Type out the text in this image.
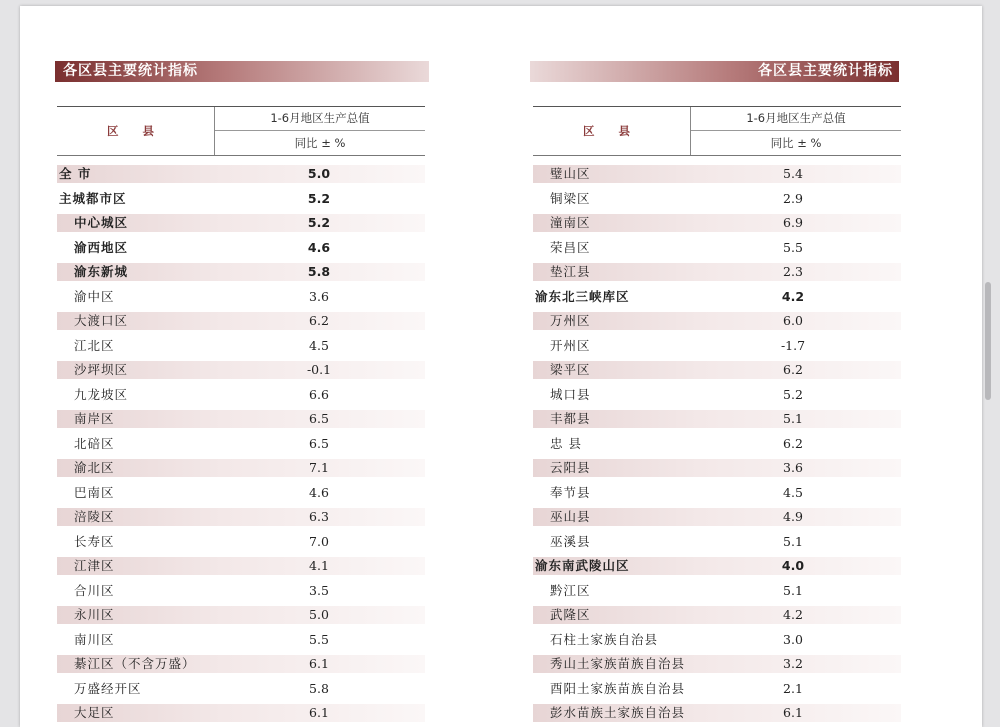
各区县主要统计指标	各区县主要统计指标
区 县
1-6月地区生产总值
同比 ± %
全 市	5.0
主城都市区	5.2
中心城区	5.2
渝西地区	4.6
渝东新城	5.8
渝中区	3.6
大渡口区	6.2
江北区	4.5
沙坪坝区	-0.1
九龙坡区	6.6
南岸区	6.5
北碚区	6.5
渝北区	7.1
巴南区	4.6
涪陵区	6.3
长寿区	7.0
江津区	4.1
合川区	3.5
永川区	5.0
南川区	5.5
綦江区（不含万盛）	6.1
万盛经开区	5.8
大足区	6.1
区 县
1-6月地区生产总值
同比 ± %
璧山区	5.4
铜梁区	2.9
潼南区	6.9
荣昌区	5.5
垫江县	2.3
渝东北三峡库区	4.2
万州区	6.0
开州区	-1.7
梁平区	6.2
城口县	5.2
丰都县	5.1
忠 县	6.2
云阳县	3.6
奉节县	4.5
巫山县	4.9
巫溪县	5.1
渝东南武陵山区	4.0
黔江区	5.1
武隆区	4.2
石柱土家族自治县	3.0
秀山土家族苗族自治县	3.2
酉阳土家族苗族自治县	2.1
彭水苗族土家族自治县	6.1
